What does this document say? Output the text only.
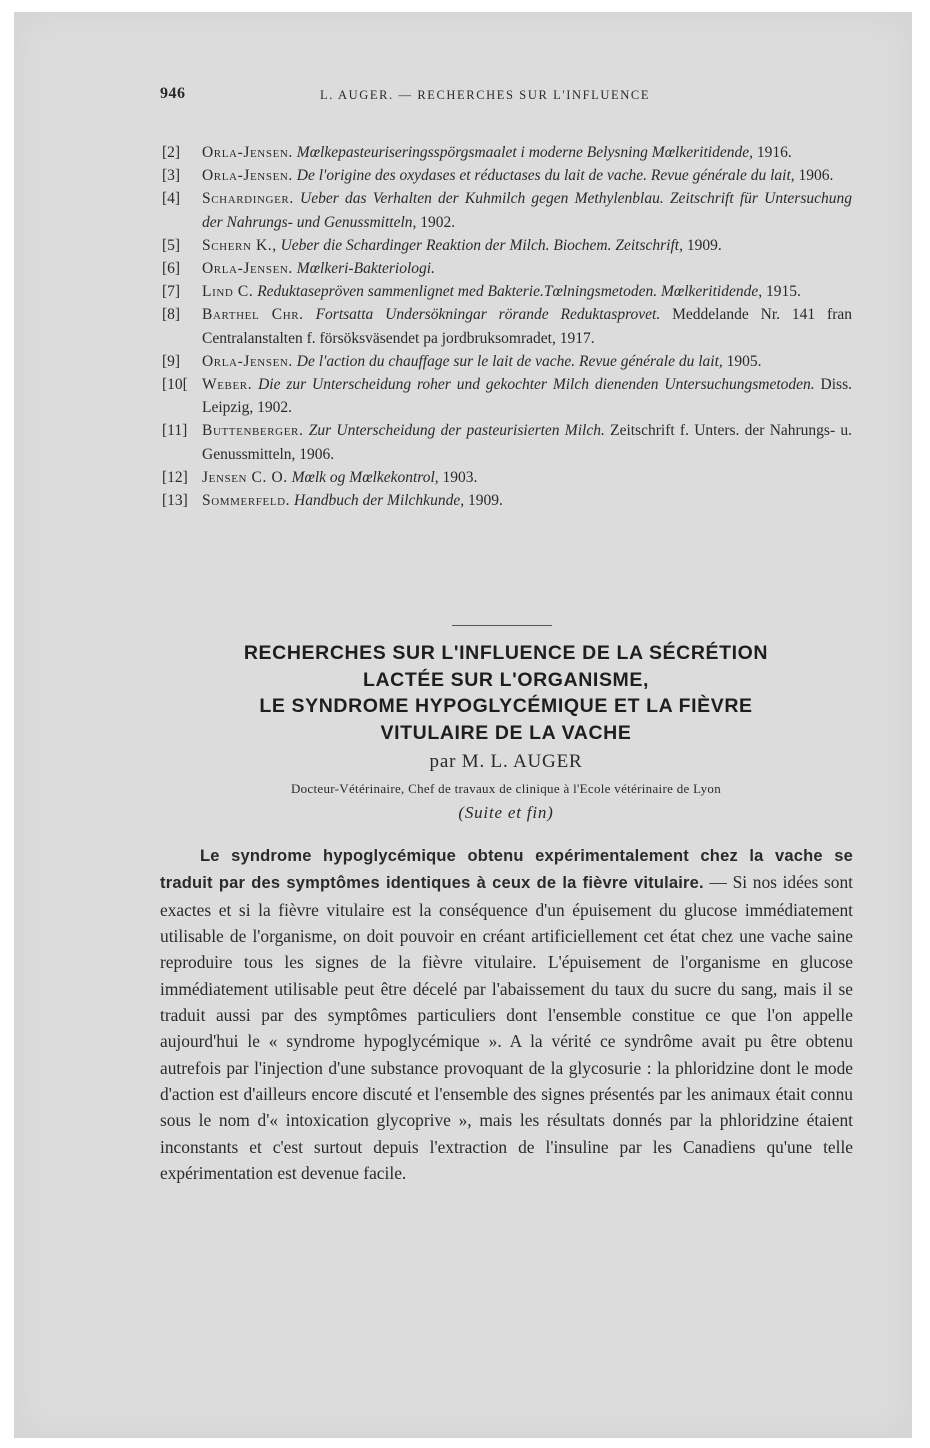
946	L. AUGER. — RECHERCHES SUR L'INFLUENCE
[2]	Orla-Jensen. Mœlkepasteuriseringsspörgsmaalet i moderne Belysning Mœlkeritidende, 1916.
[3]	Orla-Jensen. De l'origine des oxydases et réductases du lait de vache. Revue générale du lait, 1906.
[4]	Schardinger. Ueber das Verhalten der Kuhmilch gegen Methylenblau. Zeitschrift für Untersuchung der Nahrungs- und Genussmitteln, 1902.
[5]	Schern K., Ueber die Schardinger Reaktion der Milch. Biochem. Zeitschrift, 1909.
[6]	Orla-Jensen. Mœlkeri-Bakteriologi.
[7]	Lind C. Reduktasepröven sammenlignet med Bakterie.Tœlningsmetoden. Mœlkeritidende, 1915.
[8]	Barthel Chr. Fortsatta Undersökningar rörande Reduktasprovet. Meddelande Nr. 141 fran Centralanstalten f. försöksväsendet pa jordbruksomradet, 1917.
[9]	Orla-Jensen. De l'action du chauffage sur le lait de vache. Revue générale du lait, 1905.
[10[ Weber. Die zur Unterscheidung roher und gekochter Milch dienenden Untersuchungsmetoden. Diss. Leipzig, 1902.
[11] Buttenberger. Zur Unterscheidung der pasteurisierten Milch. Zeitschrift f. Unters. der Nahrungs- u. Genussmitteln, 1906.
[12] Jensen C. O. Mœlk og Mœlkekontrol, 1903.
[13] Sommerfeld. Handbuch der Milchkunde, 1909.
RECHERCHES SUR L'INFLUENCE DE LA SÉCRÉTION
LACTÉE SUR L'ORGANISME,
LE SYNDROME HYPOGLYCÉMIQUE ET LA FIÈVRE
VITULAIRE DE LA VACHE
par M. L. AUGER
Docteur-Vétérinaire, Chef de travaux de clinique à l'Ecole vétérinaire de Lyon
(Suite et fin)
Le syndrome hypoglycémique obtenu expérimentalement chez la vache se traduit par des symptômes identiques à ceux de la fièvre vitulaire. — Si nos idées sont exactes et si la fièvre vitulaire est la conséquence d'un épuisement du glucose immédiatement utilisable de l'organisme, on doit pouvoir en créant artificiellement cet état chez une vache saine reproduire tous les signes de la fièvre vitulaire. L'épuisement de l'organisme en glucose immédiatement utilisable peut être décelé par l'abaissement du taux du sucre du sang, mais il se traduit aussi par des symptômes particuliers dont l'ensemble constitue ce que l'on appelle aujourd'hui le « syndrome hypoglycémique ». A la vérité ce syndrôme avait pu être obtenu autrefois par l'injection d'une substance provoquant de la glycosurie : la phloridzine dont le mode d'action est d'ailleurs encore discuté et l'ensemble des signes présentés par les animaux était connu sous le nom d'« intoxication glycoprive », mais les résultats donnés par la phloridzine étaient inconstants et c'est surtout depuis l'extraction de l'insuline par les Canadiens qu'une telle expérimentation est devenue facile.
